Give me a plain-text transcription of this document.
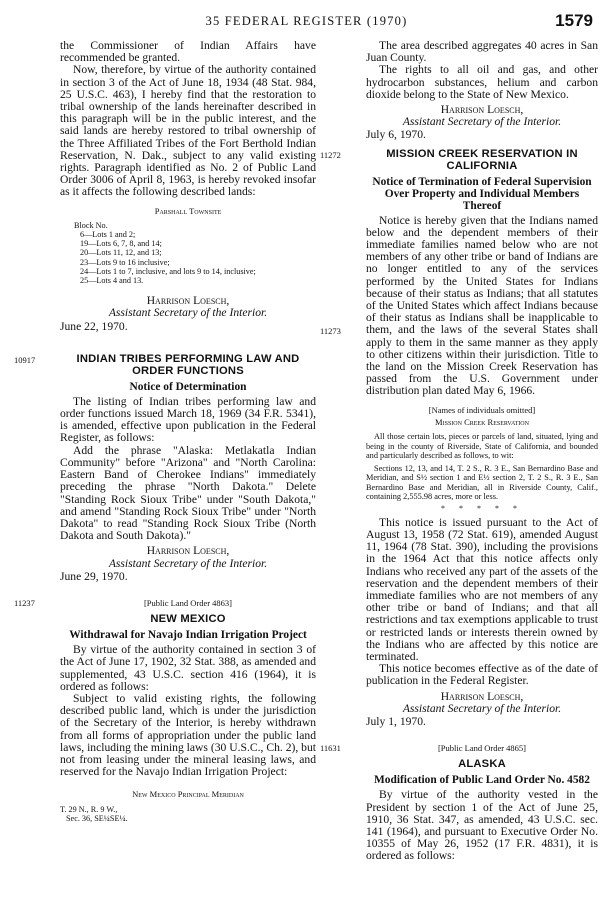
35 FEDERAL REGISTER (1970)	1579

the Commissioner of Indian Affairs have recommended be granted.

Now, therefore, by virtue of the authority contained in section 3 of the Act of June 18, 1934 (48 Stat. 984, 25 U.S.C. 463), I hereby find that the restoration to tribal ownership of the lands hereinafter described in this paragraph will be in the public interest, and the said lands are hereby restored to tribal ownership of the Three Affiliated Tribes of the Fort Berthold Indian Reservation, N. Dak., subject to any valid existing rights. Paragraph identified as No. 2 of Public Land Order 3006 of April 8, 1963, is hereby revoked insofar as it affects the following described lands:

Parshall Townsite
Block No.
6—Lots 1 and 2;
19—Lots 6, 7, 8, and 14;
20—Lots 11, 12, and 13;
23—Lots 9 to 16 inclusive;
24—Lots 1 to 7, inclusive, and lots 9 to 14, inclusive;
25—Lots 4 and 13.
Harrison Loesch,
Assistant Secretary of the Interior.

June 22, 1970.

10917	INDIAN TRIBES PERFORMING LAW AND ORDER FUNCTIONS
Notice of Determination

The listing of Indian tribes performing law and order functions issued March 18, 1969 (34 F.R. 5341), is amended, effective upon publication in the Federal Register, as follows:

Add the phrase "Alaska: Metlakatla Indian Community" before "Arizona" and "North Carolina: Eastern Band of Cherokee Indians" immediately preceding the phrase "North Dakota." Delete "Standing Rock Sioux Tribe" under "South Dakota," and amend "Standing Rock Sioux Tribe" under "North Dakota" to read "Standing Rock Sioux Tribe (North Dakota and South Dakota)."

Harrison Loesch,
Assistant Secretary of the Interior.

June 29, 1970.

11237	[Public Land Order 4863]
NEW MEXICO
Withdrawal for Navajo Indian Irrigation Project

By virtue of the authority contained in section 3 of the Act of June 17, 1902, 32 Stat. 388, as amended and supplemented, 43 U.S.C. section 416 (1964), it is ordered as follows:

Subject to valid existing rights, the following described public land, which is under the jurisdiction of the Secretary of the Interior, is hereby withdrawn from all forms of appropriation under the public land laws, including the mining laws (30 U.S.C., Ch. 2), but not from leasing under the mineral leasing laws, and reserved for the Navajo Indian Irrigation Project:

New Mexico Principal Meridian
T. 29 N., R. 9 W.,
Sec. 36, SE¼SE¼.

The area described aggregates 40 acres in San Juan County.

The rights to all oil and gas, and other hydrocarbon substances, helium and carbon dioxide belong to the State of New Mexico.

Harrison Loesch,
Assistant Secretary of the Interior.

July 6, 1970.

11272	MISSION CREEK RESERVATION IN CALIFORNIA
Notice of Termination of Federal Supervision Over Property and Individual Members Thereof
11273

Notice is hereby given that the Indians named below and the dependent members of their immediate families named below who are not members of any other tribe or band of Indians are no longer entitled to any of the services performed by the United States for Indians because of their status as Indians; that all statutes of the United States which affect Indians because of their status as Indians shall be inapplicable to them, and the laws of the several States shall apply to them in the same manner as they apply to other citizens within their jurisdiction. Title to the land on the Mission Creek Reservation has passed from the U.S. Government under distribution plan dated May 6, 1966.

[Names of individuals omitted]
Mission Creek Reservation

All those certain lots, pieces or parcels of land, situated, lying and being in the county of Riverside, State of California, and bounded and particularly described as follows, to wit:

Sections 12, 13, and 14, T. 2 S., R. 3 E., San Bernardino Base and Meridian, and S½ section 1 and E½ section 2, T. 2 S., R. 3 E., San Bernardino Base and Meridian, all in Riverside County, Calif., containing 2,555.98 acres, more or less.

* * * * *

This notice is issued pursuant to the Act of August 13, 1958 (72 Stat. 619), amended August 11, 1964 (78 Stat. 390), including the provisions in the 1964 Act that this notice affects only Indians who received any part of the assets of the reservation and the dependent members of their immediate families who are not members of any other tribe or band of Indians; and that all restrictions and tax exemptions applicable to trust or restricted lands or interests therein owned by the Indians who are affected by this notice are terminated.

This notice becomes effective as of the date of publication in the Federal Register.

Harrison Loesch,
Assistant Secretary of the Interior.

July 1, 1970.

11631	[Public Land Order 4865]
ALASKA
Modification of Public Land Order No. 4582

By virtue of the authority vested in the President by section 1 of the Act of June 25, 1910, 36 Stat. 347, as amended, 43 U.S.C. sec. 141 (1964), and pursuant to Executive Order No. 10355 of May 26, 1952 (17 F.R. 4831), it is ordered as follows:
